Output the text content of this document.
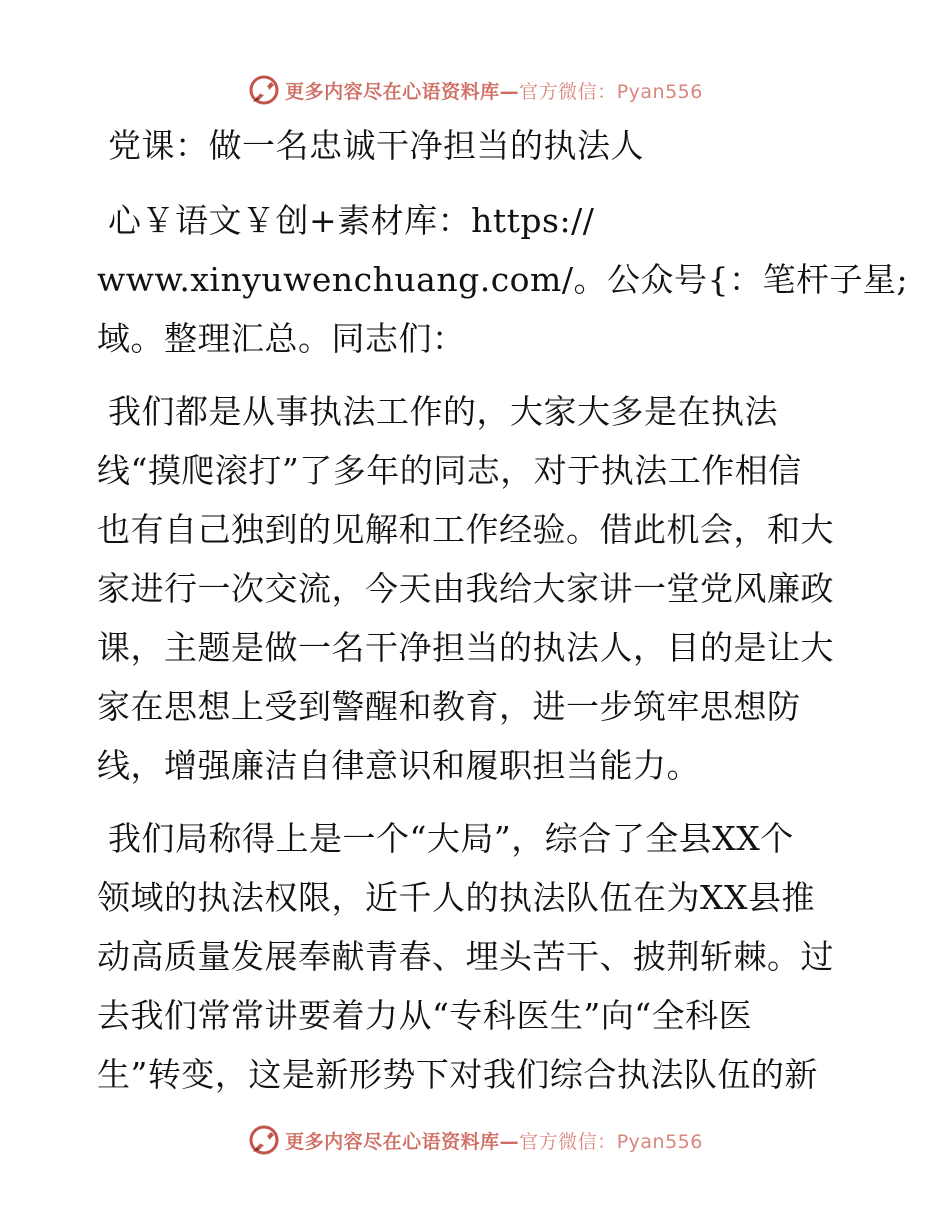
更多内容尽在心语资料库—官方微信：Pyan556
党课：做一名忠诚干净担当的执法人
心￥语文￥创+素材库：https://
www.xinyuwenchuang.com/。公众号{：笔杆子星;
域。整理汇总。同志们：
我们都是从事执法工作的，大家大多是在执法
线“摸爬滚打”了多年的同志，对于执法工作相信
也有自己独到的见解和工作经验。借此机会，和大
家进行一次交流，今天由我给大家讲一堂党风廉政
课，主题是做一名干净担当的执法人，目的是让大
家在思想上受到警醒和教育，进一步筑牢思想防
线，增强廉洁自律意识和履职担当能力。
我们局称得上是一个“大局”，综合了全县XX个
领域的执法权限，近千人的执法队伍在为XX县推
动高质量发展奉献青春、埋头苦干、披荆斩棘。过
去我们常常讲要着力从“专科医生”向“全科医
生”转变，这是新形势下对我们综合执法队伍的新
更多内容尽在心语资料库—官方微信：Pyan556
